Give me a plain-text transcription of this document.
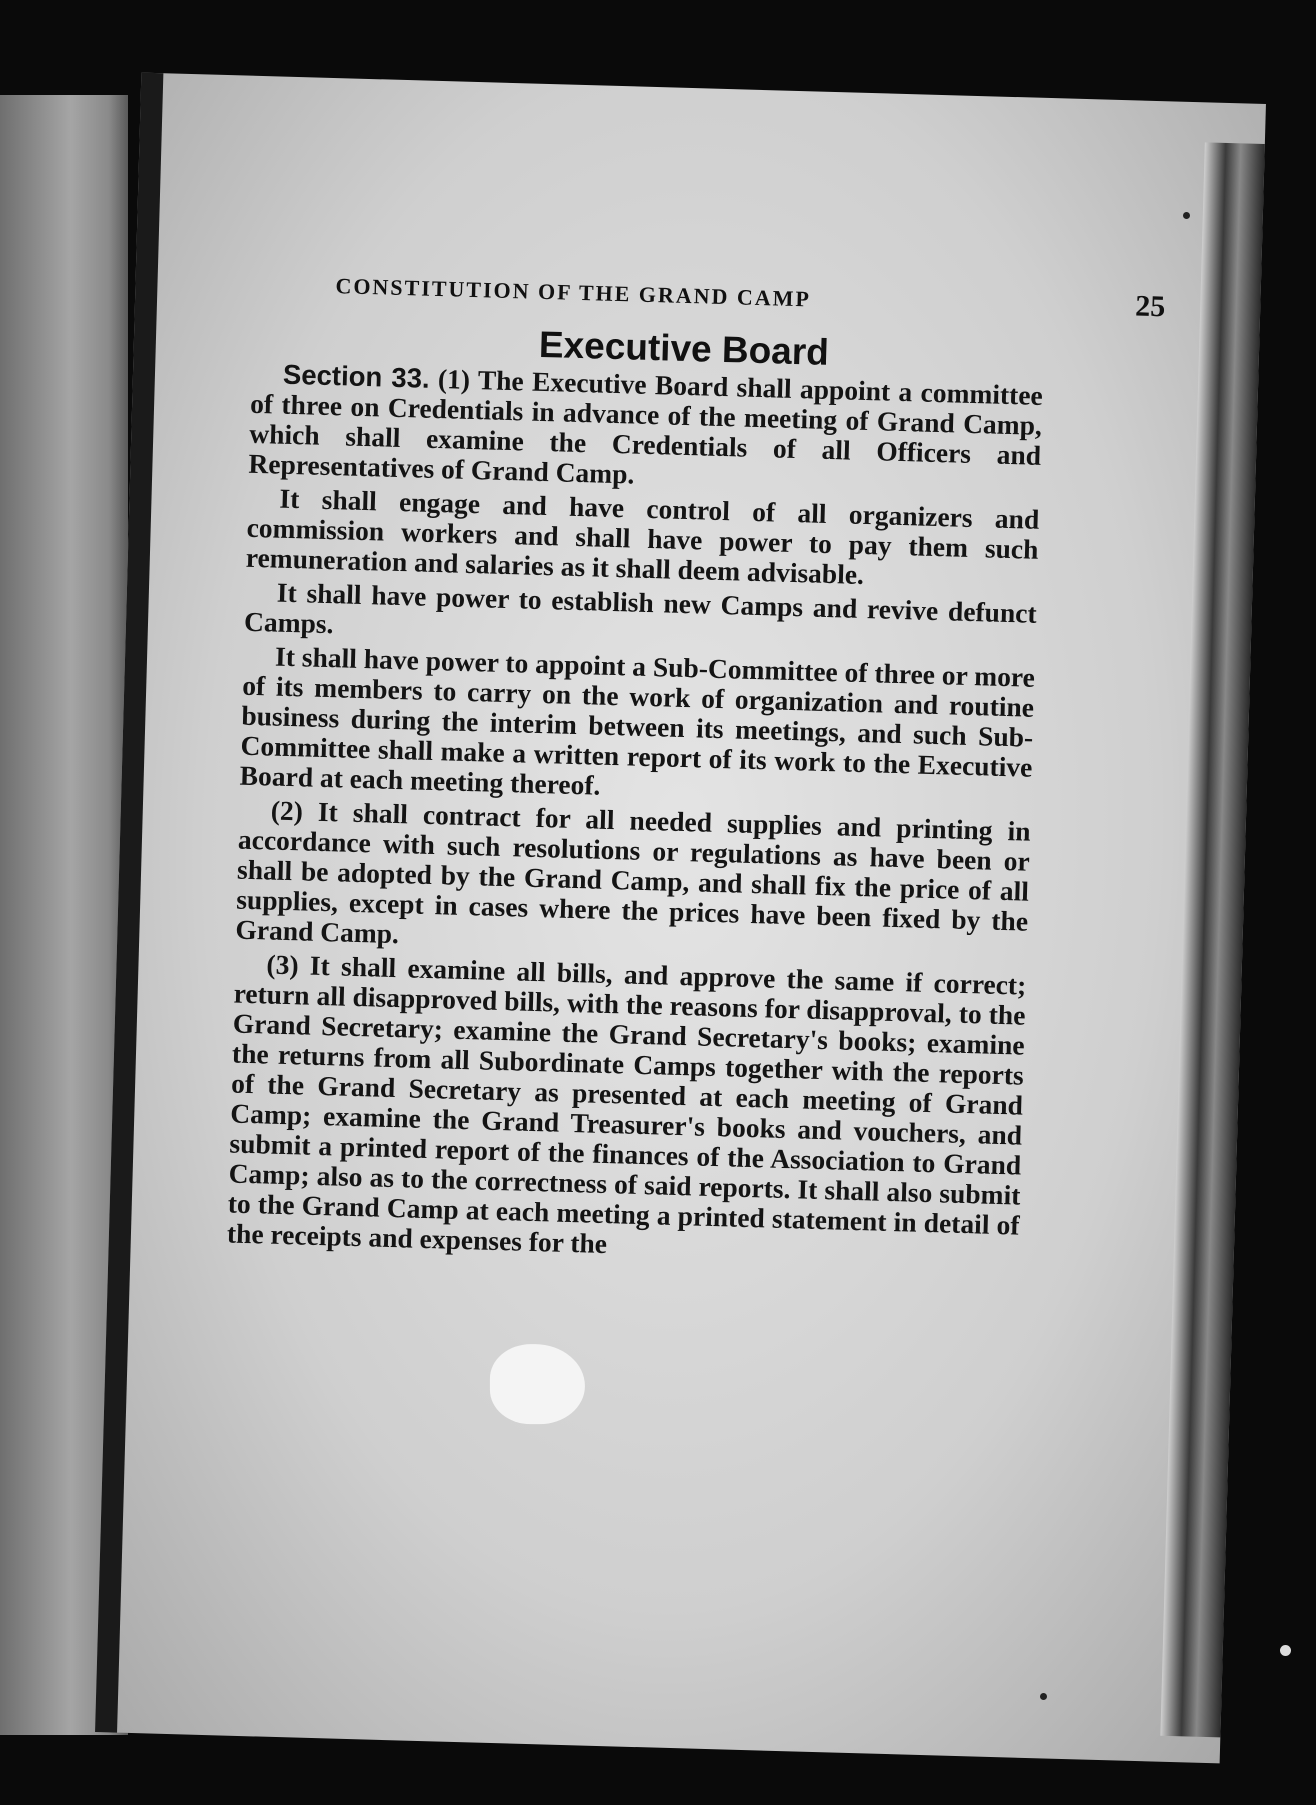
CONSTITUTION OF THE GRAND CAMP	25
Executive Board

Section 33. (1) The Executive Board shall appoint a committee of three on Credentials in advance of the meeting of Grand Camp, which shall examine the Credentials of all Officers and Representatives of Grand Camp.

It shall engage and have control of all organizers and commission workers and shall have power to pay them such remuneration and salaries as it shall deem advisable.

It shall have power to establish new Camps and revive defunct Camps.

It shall have power to appoint a Sub-Committee of three or more of its members to carry on the work of organization and routine business during the interim between its meetings, and such Sub-Committee shall make a written report of its work to the Executive Board at each meeting thereof.

(2) It shall contract for all needed supplies and printing in accordance with such resolutions or regulations as have been or shall be adopted by the Grand Camp, and shall fix the price of all supplies, except in cases where the prices have been fixed by the Grand Camp.

(3) It shall examine all bills, and approve the same if correct; return all disapproved bills, with the reasons for disapproval, to the Grand Secretary; examine the Grand Secretary's books; examine the returns from all Subordinate Camps together with the reports of the Grand Secretary as presented at each meeting of Grand Camp; examine the Grand Treasurer's books and vouchers, and submit a printed report of the finances of the Association to Grand Camp; also as to the correctness of said reports. It shall also submit to the Grand Camp at each meeting a printed statement in detail of the receipts and expenses for the
